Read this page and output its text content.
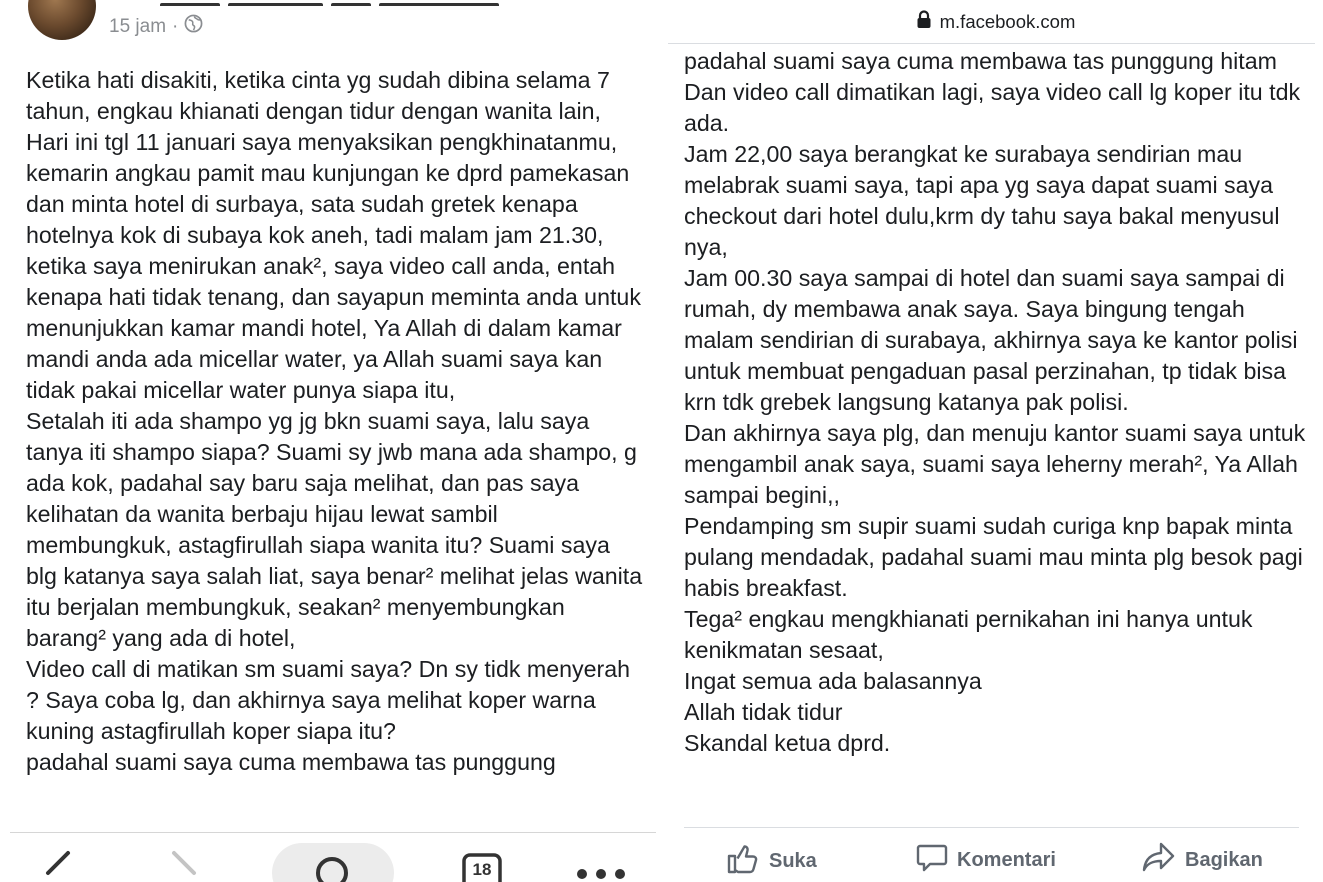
15 jam ·

Ketika hati disakiti, ketika cinta yg sudah dibina selama 7 tahun, engkau khianati dengan tidur dengan wanita lain,

Hari ini tgl 11 januari saya menyaksikan pengkhinatanmu, kemarin angkau pamit mau kunjungan ke dprd pamekasan dan minta hotel di surbaya, sata sudah gretek kenapa hotelnya kok di subaya kok aneh, tadi malam jam 21.30, ketika saya menirukan anak², saya video call anda, entah kenapa hati tidak tenang, dan sayapun meminta anda untuk menunjukkan kamar mandi hotel, Ya Allah di dalam kamar mandi anda ada micellar water, ya Allah suami saya kan tidak pakai micellar water punya siapa itu,

Setalah iti ada shampo yg jg bkn suami saya, lalu saya tanya iti shampo siapa? Suami sy jwb mana ada shampo, g ada kok, padahal say baru saja melihat, dan pas saya kelihatan da wanita berbaju hijau lewat sambil membungkuk, astagfirullah siapa wanita itu? Suami saya blg katanya saya salah liat, saya benar² melihat jelas wanita itu berjalan membungkuk, seakan² menyembungkan barang² yang ada di hotel,

Video call di matikan sm suami saya? Dn sy tidk menyerah ? Saya coba lg, dan akhirnya saya melihat koper warna kuning astagfirullah koper siapa itu?

padahal suami saya cuma membawa tas punggung

18
m.facebook.com

padahal suami saya cuma membawa tas punggung hitam Dan video call dimatikan lagi, saya video call lg koper itu tdk ada.

Jam 22,00 saya berangkat ke surabaya sendirian mau melabrak suami saya, tapi apa yg saya dapat suami saya checkout dari hotel dulu,krm dy tahu saya bakal menyusul nya,

Jam 00.30 saya sampai di hotel dan suami saya sampai di rumah, dy membawa anak saya. Saya bingung tengah malam sendirian di surabaya, akhirnya saya ke kantor polisi untuk membuat pengaduan pasal perzinahan, tp tidak bisa krn tdk grebek langsung katanya pak polisi.

Dan akhirnya saya plg, dan menuju kantor suami saya untuk mengambil anak saya, suami saya leherny merah², Ya Allah sampai begini,,

Pendamping sm supir suami sudah curiga knp bapak minta pulang mendadak, padahal suami mau minta plg besok pagi habis breakfast.

Tega² engkau mengkhianati pernikahan ini hanya untuk kenikmatan sesaat,

Ingat semua ada balasannya

Allah tidak tidur

Skandal ketua dprd.

Suka	Komentari	Bagikan
